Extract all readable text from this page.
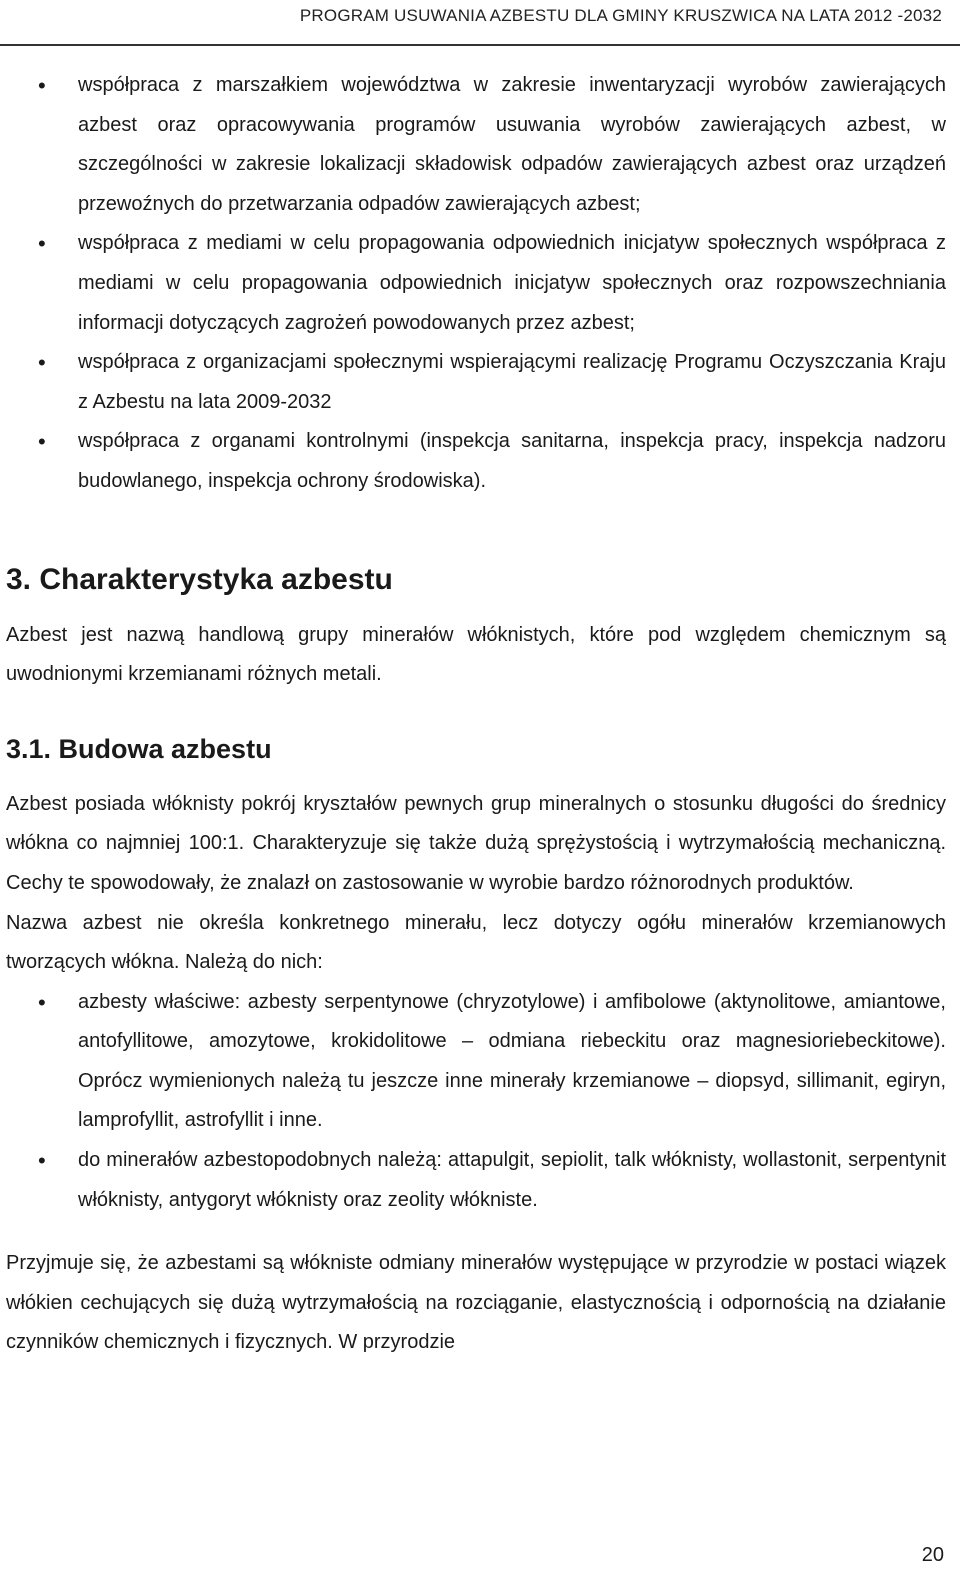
PROGRAM USUWANIA AZBESTU DLA GMINY KRUSZWICA NA LATA 2012 -2032
• współpraca z marszałkiem województwa w zakresie inwentaryzacji wyrobów zawierających azbest oraz opracowywania programów usuwania wyrobów zawierających azbest, w szczególności w zakresie lokalizacji składowisk odpadów zawierających azbest oraz urządzeń przewoźnych do przetwarzania odpadów zawierających azbest;
• współpraca z mediami w celu propagowania odpowiednich inicjatyw społecznych współpraca z mediami w celu propagowania odpowiednich inicjatyw społecznych oraz rozpowszechniania informacji dotyczących zagrożeń powodowanych przez azbest;
• współpraca z organizacjami społecznymi wspierającymi realizację Programu Oczyszczania Kraju z Azbestu na lata 2009-2032
• współpraca z organami kontrolnymi (inspekcja sanitarna, inspekcja pracy, inspekcja nadzoru budowlanego, inspekcja ochrony środowiska).
3. Charakterystyka azbestu

Azbest jest nazwą handlową grupy minerałów włóknistych, które pod względem chemicznym są uwodnionymi krzemianami różnych metali.

3.1. Budowa azbestu

Azbest posiada włóknisty pokrój kryształów pewnych grup mineralnych o stosunku długości do średnicy włókna co najmniej 100:1. Charakteryzuje się także dużą sprężystością i wytrzymałością mechaniczną. Cechy te spowodowały, że znalazł on zastosowanie w wyrobie bardzo różnorodnych produktów.

Nazwa azbest nie określa konkretnego minerału, lecz dotyczy ogółu minerałów krzemianowych tworzących włókna. Należą do nich:

• azbesty właściwe: azbesty serpentynowe (chryzotylowe) i amfibolowe (aktynolitowe, amiantowe, antofyllitowe, amozytowe, krokidolitowe – odmiana riebeckitu oraz magnesioriebeckitowe). Oprócz wymienionych należą tu jeszcze inne minerały krzemianowe – diopsyd, sillimanit, egiryn, lamprofyllit, astrofyllit i inne.
• do minerałów azbestopodobnych należą: attapulgit, sepiolit, talk włóknisty, wollastonit, serpentynit włóknisty, antygoryt włóknisty oraz zeolity włókniste.

Przyjmuje się, że azbestami są włókniste odmiany minerałów występujące w przyrodzie w postaci wiązek włókien cechujących się dużą wytrzymałością na rozciąganie, elastycznością i odpornością na działanie czynników chemicznych i fizycznych. W przyrodzie

20
